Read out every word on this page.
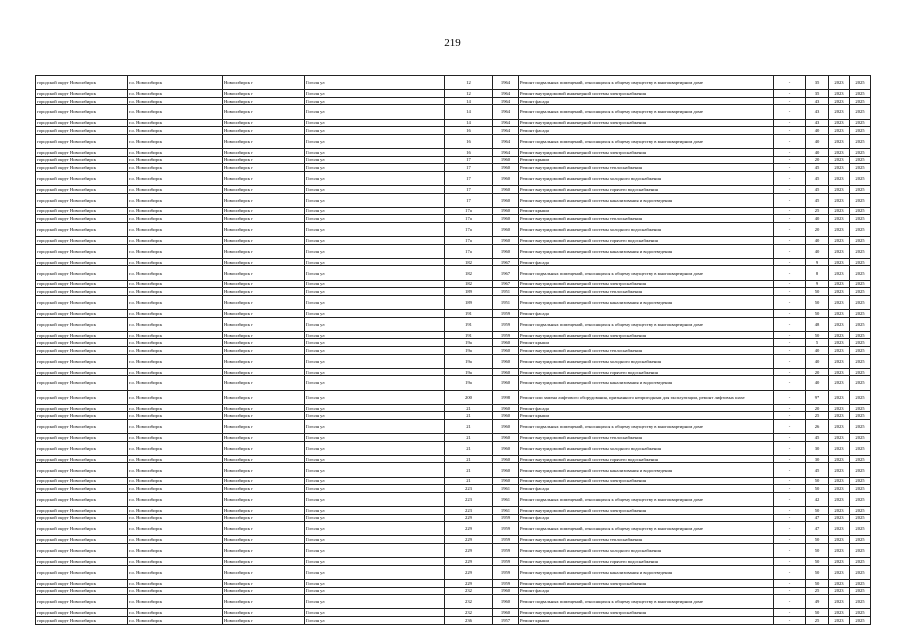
219
городской округ Новосибирск	г.о. Новосибирск	Новосибирск г	Гоголя ул	12	1964	Ремонт подвальных помещений, относящихся к общему имуществу в многоквартирном доме	-	35	2023	2025
городской округ Новосибирск	г.о. Новосибирск	Новосибирск г	Гоголя ул	12	1964	Ремонт внутридомовой инженерной системы электроснабжения	-	35	2023	2025
городской округ Новосибирск	г.о. Новосибирск	Новосибирск г	Гоголя ул	14	1964	Ремонт фасада	-	43	2023	2025
городской округ Новосибирск	г.о. Новосибирск	Новосибирск г	Гоголя ул	14	1964	Ремонт подвальных помещений, относящихся к общему имуществу в многоквартирном доме	-	43	2023	2025
городской округ Новосибирск	г.о. Новосибирск	Новосибирск г	Гоголя ул	14	1964	Ремонт внутридомовой инженерной системы электроснабжения	-	43	2023	2025
городской округ Новосибирск	г.о. Новосибирск	Новосибирск г	Гоголя ул	16	1964	Ремонт фасада	-	40	2023	2025
городской округ Новосибирск	г.о. Новосибирск	Новосибирск г	Гоголя ул	16	1964	Ремонт подвальных помещений, относящихся к общему имуществу в многоквартирном доме	-	40	2023	2025
городской округ Новосибирск	г.о. Новосибирск	Новосибирск г	Гоголя ул	16	1964	Ремонт внутридомовой инженерной системы электроснабжения	-	40	2023	2025
городской округ Новосибирск	г.о. Новосибирск	Новосибирск г	Гоголя ул	17	1960	Ремонт крыши	-	20	2023	2025
городской округ Новосибирск	г.о. Новосибирск	Новосибирск г	Гоголя ул	17	1960	Ремонт внутридомовой инженерной системы теплоснабжения	-	45	2023	2025
городской округ Новосибирск	г.о. Новосибирск	Новосибирск г	Гоголя ул	17	1960	Ремонт внутридомовой инженерной системы холодного водоснабжения	-	45	2023	2025
городской округ Новосибирск	г.о. Новосибирск	Новосибирск г	Гоголя ул	17	1960	Ремонт внутридомовой инженерной системы горячего водоснабжения	-	45	2023	2025
городской округ Новосибирск	г.о. Новосибирск	Новосибирск г	Гоголя ул	17	1960	Ремонт внутридомовой инженерной системы канализования и водоотведения	-	45	2023	2025
городской округ Новосибирск	г.о. Новосибирск	Новосибирск г	Гоголя ул	17а	1960	Ремонт крыши	-	25	2023	2025
городской округ Новосибирск	г.о. Новосибирск	Новосибирск г	Гоголя ул	17а	1960	Ремонт внутридомовой инженерной системы теплоснабжения	-	40	2023	2025
городской округ Новосибирск	г.о. Новосибирск	Новосибирск г	Гоголя ул	17а	1960	Ремонт внутридомовой инженерной системы холодного водоснабжения	-	20	2023	2025
городской округ Новосибирск	г.о. Новосибирск	Новосибирск г	Гоголя ул	17а	1960	Ремонт внутридомовой инженерной системы горячего водоснабжения	-	40	2023	2025
городской округ Новосибирск	г.о. Новосибирск	Новосибирск г	Гоголя ул	17а	1960	Ремонт внутридомовой инженерной системы канализования и водоотведения	-	40	2023	2025
городской округ Новосибирск	г.о. Новосибирск	Новосибирск г	Гоголя ул	182	1967	Ремонт фасада	-	9	2023	2025
городской округ Новосибирск	г.о. Новосибирск	Новосибирск г	Гоголя ул	182	1967	Ремонт подвальных помещений, относящихся к общему имуществу в многоквартирном доме	-	8	2023	2025
городской округ Новосибирск	г.о. Новосибирск	Новосибирск г	Гоголя ул	182	1967	Ремонт внутридомовой инженерной системы электроснабжения	-	9	2023	2025
городской округ Новосибирск	г.о. Новосибирск	Новосибирск г	Гоголя ул	189	1951	Ремонт внутридомовой инженерной системы теплоснабжения	-	50	2023	2025
городской округ Новосибирск	г.о. Новосибирск	Новосибирск г	Гоголя ул	189	1951	Ремонт внутридомовой инженерной системы канализования и водоотведения	-	50	2023	2025
городской округ Новосибирск	г.о. Новосибирск	Новосибирск г	Гоголя ул	191	1959	Ремонт фасада	-	50	2023	2025
городской округ Новосибирск	г.о. Новосибирск	Новосибирск г	Гоголя ул	191	1959	Ремонт подвальных помещений, относящихся к общему имуществу в многоквартирном доме	-	48	2023	2025
городской округ Новосибирск	г.о. Новосибирск	Новосибирск г	Гоголя ул	191	1959	Ремонт внутридомовой инженерной системы электроснабжения	-	50	2023	2025
городской округ Новосибирск	г.о. Новосибирск	Новосибирск г	Гоголя ул	19а	1960	Ремонт крыши	-	5	2023	2025
городской округ Новосибирск	г.о. Новосибирск	Новосибирск г	Гоголя ул	19а	1960	Ремонт внутридомовой инженерной системы теплоснабжения	-	40	2023	2025
городской округ Новосибирск	г.о. Новосибирск	Новосибирск г	Гоголя ул	19а	1960	Ремонт внутридомовой инженерной системы холодного водоснабжения	-	40	2023	2025
городской округ Новосибирск	г.о. Новосибирск	Новосибирск г	Гоголя ул	19а	1960	Ремонт внутридомовой инженерной системы горячего водоснабжения	-	20	2023	2025
городской округ Новосибирск	г.о. Новосибирск	Новосибирск г	Гоголя ул	19а	1960	Ремонт внутридомовой инженерной системы канализования и водоотведения	-	40	2023	2025
городской округ Новосибирск	г.о. Новосибирск	Новосибирск г	Гоголя ул	200	1998	Ремонт или замена лифтового оборудования, признанного непригодным для эксплуатации, ремонт лифтовых шахт	-	9*	2023	2025
городской округ Новосибирск	г.о. Новосибирск	Новосибирск г	Гоголя ул	21	1960	Ремонт фасада	-	20	2023	2025
городской округ Новосибирск	г.о. Новосибирск	Новосибирск г	Гоголя ул	21	1960	Ремонт крыши	-	25	2023	2025
городской округ Новосибирск	г.о. Новосибирск	Новосибирск г	Гоголя ул	21	1960	Ремонт подвальных помещений, относящихся к общему имуществу в многоквартирном доме	-	26	2023	2025
городской округ Новосибирск	г.о. Новосибирск	Новосибирск г	Гоголя ул	21	1960	Ремонт внутридомовой инженерной системы теплоснабжения	-	45	2023	2025
городской округ Новосибирск	г.о. Новосибирск	Новосибирск г	Гоголя ул	21	1960	Ремонт внутридомовой инженерной системы холодного водоснабжения	-	30	2023	2025
городской округ Новосибирск	г.о. Новосибирск	Новосибирск г	Гоголя ул	21	1960	Ремонт внутридомовой инженерной системы горячего водоснабжения	-	30	2023	2025
городской округ Новосибирск	г.о. Новосибирск	Новосибирск г	Гоголя ул	21	1960	Ремонт внутридомовой инженерной системы канализования и водоотведения	-	45	2023	2025
городской округ Новосибирск	г.о. Новосибирск	Новосибирск г	Гоголя ул	21	1960	Ремонт внутридомовой инженерной системы электроснабжения	-	50	2023	2025
городской округ Новосибирск	г.о. Новосибирск	Новосибирск г	Гоголя ул	223	1961	Ремонт фасада	-	50	2023	2025
городской округ Новосибирск	г.о. Новосибирск	Новосибирск г	Гоголя ул	223	1961	Ремонт подвальных помещений, относящихся к общему имуществу в многоквартирном доме	-	42	2023	2025
городской округ Новосибирск	г.о. Новосибирск	Новосибирск г	Гоголя ул	223	1961	Ремонт внутридомовой инженерной системы электроснабжения	-	50	2023	2025
городской округ Новосибирск	г.о. Новосибирск	Новосибирск г	Гоголя ул	229	1959	Ремонт фасада	-	47	2023	2025
городской округ Новосибирск	г.о. Новосибирск	Новосибирск г	Гоголя ул	229	1959	Ремонт подвальных помещений, относящихся к общему имуществу в многоквартирном доме	-	47	2023	2025
городской округ Новосибирск	г.о. Новосибирск	Новосибирск г	Гоголя ул	229	1959	Ремонт внутридомовой инженерной системы теплоснабжения	-	50	2023	2025
городской округ Новосибирск	г.о. Новосибирск	Новосибирск г	Гоголя ул	229	1959	Ремонт внутридомовой инженерной системы холодного водоснабжения	-	50	2023	2025
городской округ Новосибирск	г.о. Новосибирск	Новосибирск г	Гоголя ул	229	1959	Ремонт внутридомовой инженерной системы горячего водоснабжения	-	50	2023	2025
городской округ Новосибирск	г.о. Новосибирск	Новосибирск г	Гоголя ул	229	1959	Ремонт внутридомовой инженерной системы канализования и водоотведения	-	50	2023	2025
городской округ Новосибирск	г.о. Новосибирск	Новосибирск г	Гоголя ул	229	1959	Ремонт внутридомовой инженерной системы электроснабжения	-	50	2023	2025
городской округ Новосибирск	г.о. Новосибирск	Новосибирск г	Гоголя ул	232	1960	Ремонт фасада	-	25	2023	2025
городской округ Новосибирск	г.о. Новосибирск	Новосибирск г	Гоголя ул	232	1960	Ремонт подвальных помещений, относящихся к общему имуществу в многоквартирном доме	-	49	2023	2025
городской округ Новосибирск	г.о. Новосибирск	Новосибирск г	Гоголя ул	232	1960	Ремонт внутридомовой инженерной системы электроснабжения	-	50	2023	2025
городской округ Новосибирск	г.о. Новосибирск	Новосибирск г	Гоголя ул	236	1957	Ремонт крыши	-	25	2023	2025
